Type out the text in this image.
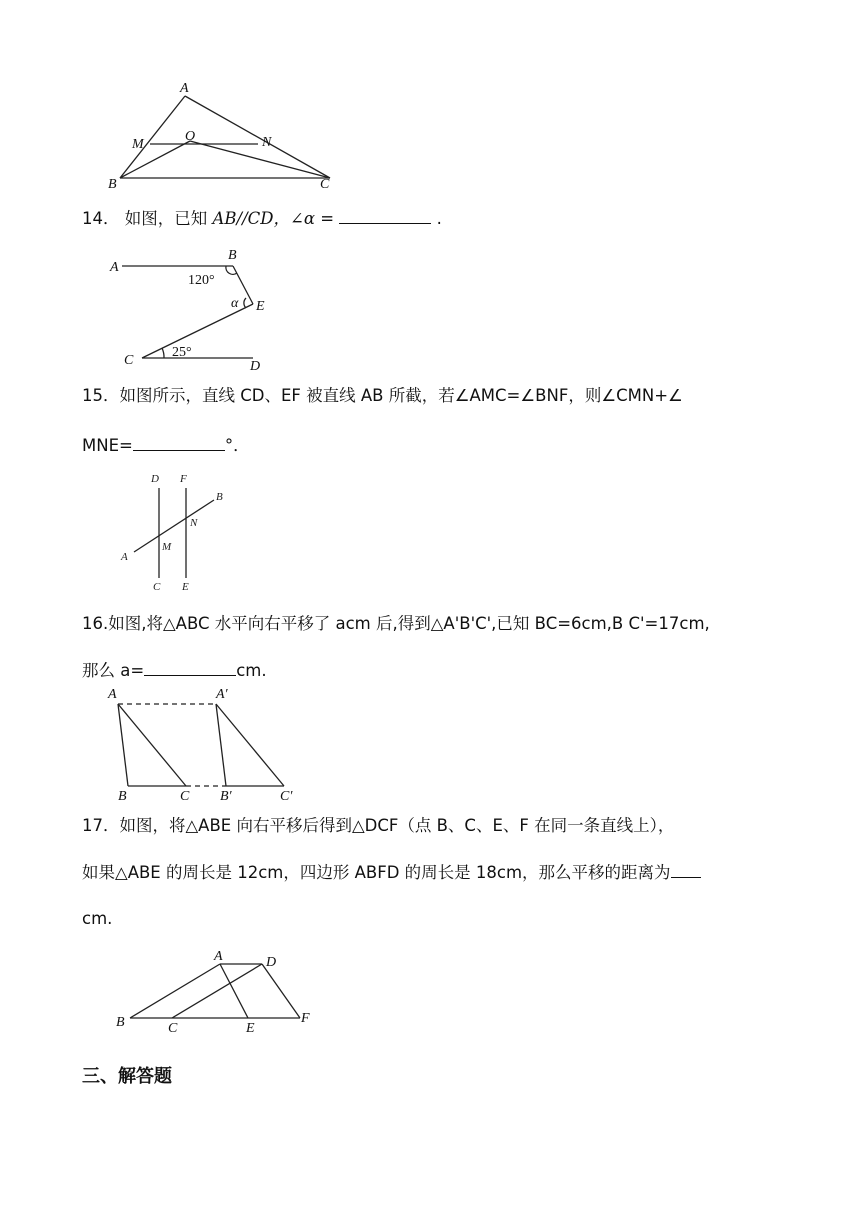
A
M
O	N
B	C
14． 如图，已知 AB//CD，∠α =	.
A
B
E
C	D
α
120°
25°
15．如图所示，直线 CD、EF 被直线 AB 所截，若∠AMC=∠BNF，则∠CMN+∠
MNE=	°．
D F
B
N
A
M
C E
16.如图,将△ABC 水平向右平移了 acm 后,得到△A'B'C',已知 BC=6cm,B C'=17cm,
那么 a=	cm.
A	A′
B	C B′	C′
17．如图，将△ABE 向右平移后得到△DCF（点 B、C、E、F 在同一条直线上），
如果△ABE 的周长是 12cm，四边形 ABFD 的周长是 18cm，那么平移的距离为
cm.
A	D
B	C	E
F
三、解答题
